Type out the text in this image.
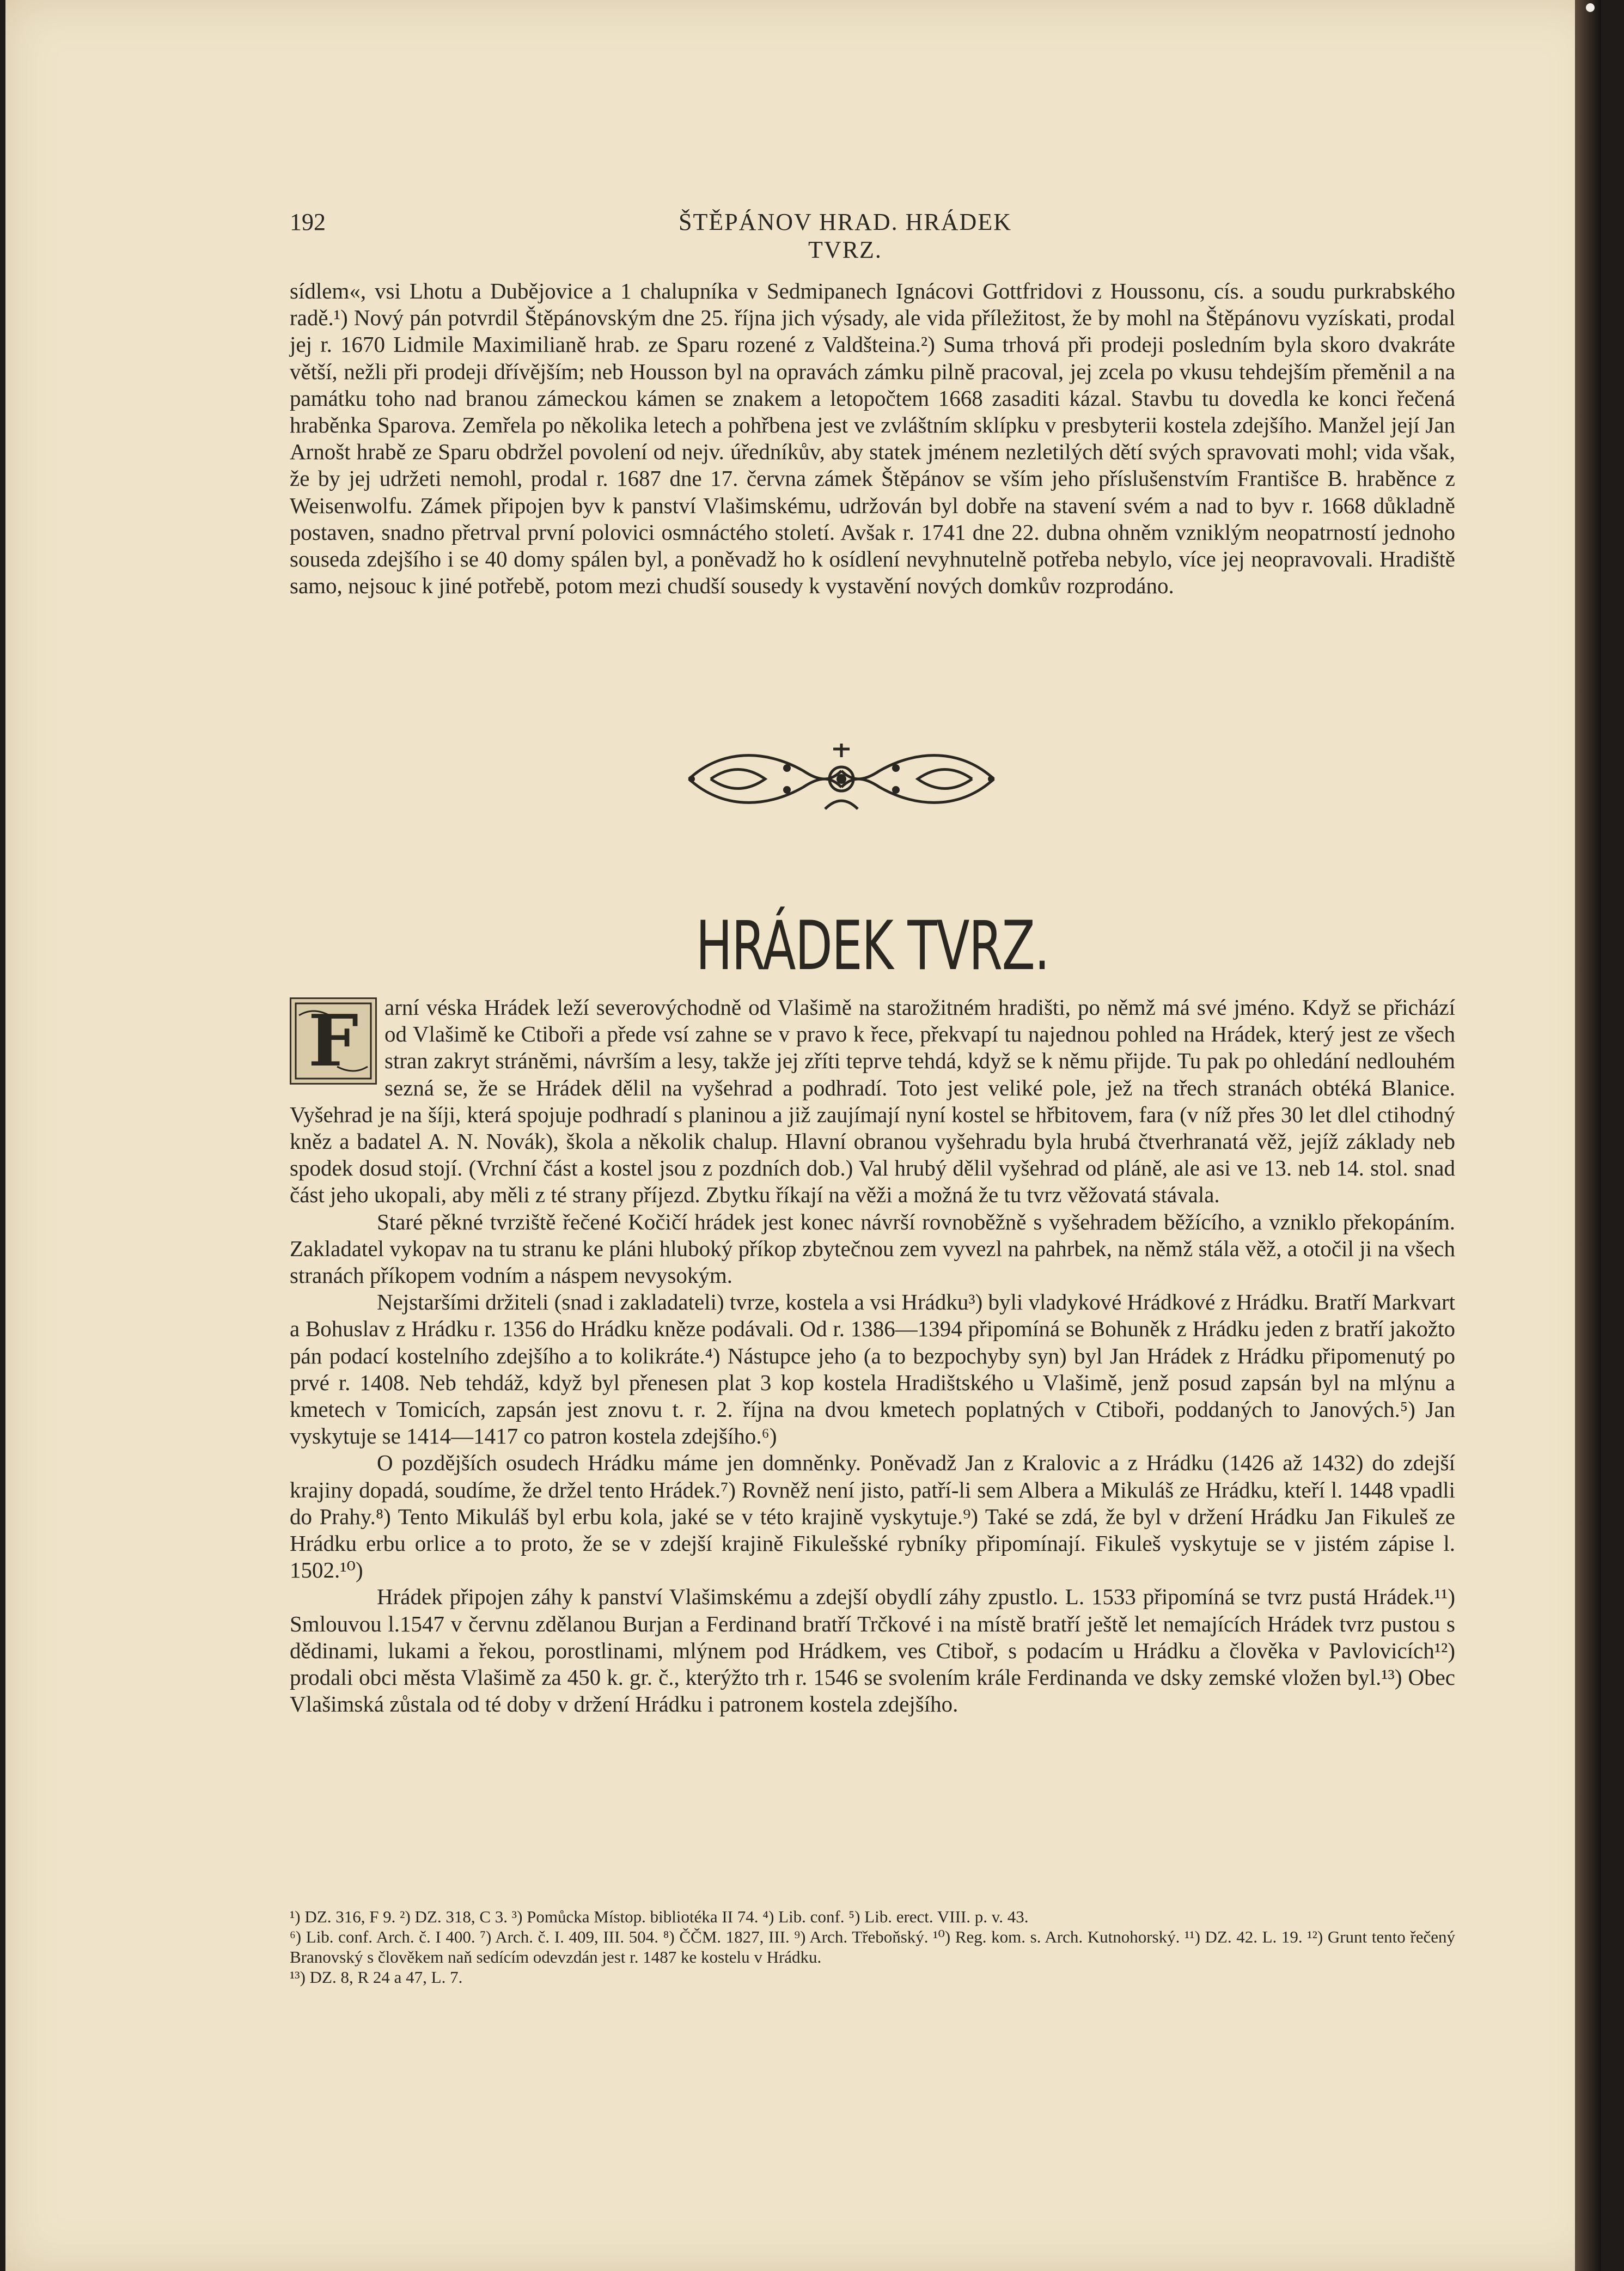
192	ŠTĚPÁNOV HRAD. HRÁDEK TVRZ.

sídlem«, vsi Lhotu a Dubějovice a 1 chalupníka v Sedmipanech Ignácovi Gottfridovi z Houssonu, cís. a soudu purkrabského radě.¹) Nový pán potvrdil Štěpánovským dne 25. října jich výsady, ale vida příležitost, že by mohl na Štěpánovu vyzískati, prodal jej r. 1670 Lidmile Maximilianě hrab. ze Sparu rozené z Valdšteina.²) Suma trhová při prodeji posledním byla skoro dvakráte větší, nežli při prodeji dřívějším; neb Housson byl na opravách zámku pilně pracoval, jej zcela po vkusu tehdejším přeměnil a na památku toho nad branou zámeckou kámen se znakem a letopočtem 1668 zasaditi kázal. Stavbu tu dovedla ke konci řečená hraběnka Sparova. Zemřela po několika letech a pohřbena jest ve zvláštním sklípku v presbyterii kostela zdejšího. Manžel její Jan Arnošt hrabě ze Sparu obdržel povolení od nejv. úředníkův, aby statek jménem nezletilých dětí svých spravovati mohl; vida však, že by jej udržeti nemohl, prodal r. 1687 dne 17. června zámek Štěpánov se vším jeho příslušenstvím Františce B. hraběnce z Weisenwolfu. Zámek připojen byv k panství Vlašimskému, udržován byl dobře na stavení svém a nad to byv r. 1668 důkladně postaven, snadno přetrval první polovici osmnáctého století. Avšak r. 1741 dne 22. dubna ohněm vzniklým neopatrností jednoho souseda zdejšího i se 40 domy spálen byl, a poněvadž ho k osídlení nevyhnutelně potřeba nebylo, více jej neopravovali. Hradiště samo, nejsouc k jiné potřebě, potom mezi chudší sousedy k vystavění nových domkův rozprodáno.

HRÁDEK TVRZ.
F	arní véska Hrádek leží severovýchodně od Vlašimě na starožitném hradišti, po němž má své jméno. Když se přichází od Vlašimě ke Ctiboři a přede vsí zahne se v pravo k řece, překvapí tu najednou pohled na Hrádek, který jest ze všech stran zakryt stráněmi, návrším a lesy, takže jej zříti teprve tehdá, když se k němu přijde. Tu pak po ohledání nedlouhém sezná se, že se Hrádek dělil na vyšehrad a podhradí. Toto jest veliké pole, jež na třech stranách obtéká Blanice. Vyšehrad je na šíji, která spojuje podhradí s planinou a již zaujímají nyní kostel se hřbitovem, fara (v níž přes 30 let dlel ctihodný kněz a badatel A. N. Novák), škola a několik chalup. Hlavní obranou vyšehradu byla hrubá čtverhranatá věž, jejíž základy neb spodek dosud stojí. (Vrchní část a kostel jsou z pozdních dob.) Val hrubý dělil vyšehrad od pláně, ale asi ve 13. neb 14. stol. snad část jeho ukopali, aby měli z té strany příjezd. Zbytku říkají na věži a možná že tu tvrz věžovatá stávala.

Staré pěkné tvrziště řečené Kočičí hrádek jest konec návrší rovnoběžně s vyšehradem běžícího, a vzniklo překopáním. Zakladatel vykopav na tu stranu ke pláni hluboký příkop zbytečnou zem vyvezl na pahrbek, na němž stála věž, a otočil ji na všech stranách příkopem vodním a náspem nevysokým.

Nejstaršími držiteli (snad i zakladateli) tvrze, kostela a vsi Hrádku³) byli vladykové Hrádkové z Hrádku. Bratří Markvart a Bohuslav z Hrádku r. 1356 do Hrádku kněze podávali. Od r. 1386—1394 připomíná se Bohuněk z Hrádku jeden z bratří jakožto pán podací kostelního zdejšího a to kolikráte.⁴) Nástupce jeho (a to bezpochyby syn) byl Jan Hrádek z Hrádku připomenutý po prvé r. 1408. Neb tehdáž, když byl přenesen plat 3 kop kostela Hradištského u Vlašimě, jenž posud zapsán byl na mlýnu a kmetech v Tomicích, zapsán jest znovu t. r. 2. října na dvou kmetech poplatných v Ctiboři, poddaných to Janových.⁵) Jan vyskytuje se 1414—1417 co patron kostela zdejšího.⁶)

O pozdějších osudech Hrádku máme jen domněnky. Poněvadž Jan z Kralovic a z Hrádku (1426 až 1432) do zdejší krajiny dopadá, soudíme, že držel tento Hrádek.⁷) Rovněž není jisto, patří-li sem Albera a Mikuláš ze Hrádku, kteří l. 1448 vpadli do Prahy.⁸) Tento Mikuláš byl erbu kola, jaké se v této krajině vyskytuje.⁹) Také se zdá, že byl v držení Hrádku Jan Fikuleš ze Hrádku erbu orlice a to proto, že se v zdejší krajině Fikulešské rybníky připomínají. Fikuleš vyskytuje se v jistém zápise l. 1502.¹⁰)

Hrádek připojen záhy k panství Vlašimskému a zdejší obydlí záhy zpustlo. L. 1533 připomíná se tvrz pustá Hrádek.¹¹) Smlouvou l.1547 v červnu zdělanou Burjan a Ferdinand bratří Trčkové i na místě bratří ještě let nemajících Hrádek tvrz pustou s dědinami, lukami a řekou, porostlinami, mlýnem pod Hrádkem, ves Ctiboř, s podacím u Hrádku a člověka v Pavlovicích¹²) prodali obci města Vlašimě za 450 k. gr. č., kterýžto trh r. 1546 se svolením krále Ferdinanda ve dsky zemské vložen byl.¹³) Obec Vlašimská zůstala od té doby v držení Hrádku i patronem kostela zdejšího.

¹) DZ. 316, F 9. ²) DZ. 318, C 3. ³) Pomůcka Místop. bibliotéka II 74. ⁴) Lib. conf. ⁵) Lib. erect. VIII. p. v. 43.

⁶) Lib. conf. Arch. č. I 400. ⁷) Arch. č. I. 409, III. 504. ⁸) ČČM. 1827, III. ⁹) Arch. Třeboňský. ¹⁰) Reg. kom. s. Arch. Kutnohorský. ¹¹) DZ. 42. L. 19. ¹²) Grunt tento řečený Branovský s člověkem naň sedícím odevzdán jest r. 1487 ke kostelu v Hrádku.

¹³) DZ. 8, R 24 a 47, L. 7.
